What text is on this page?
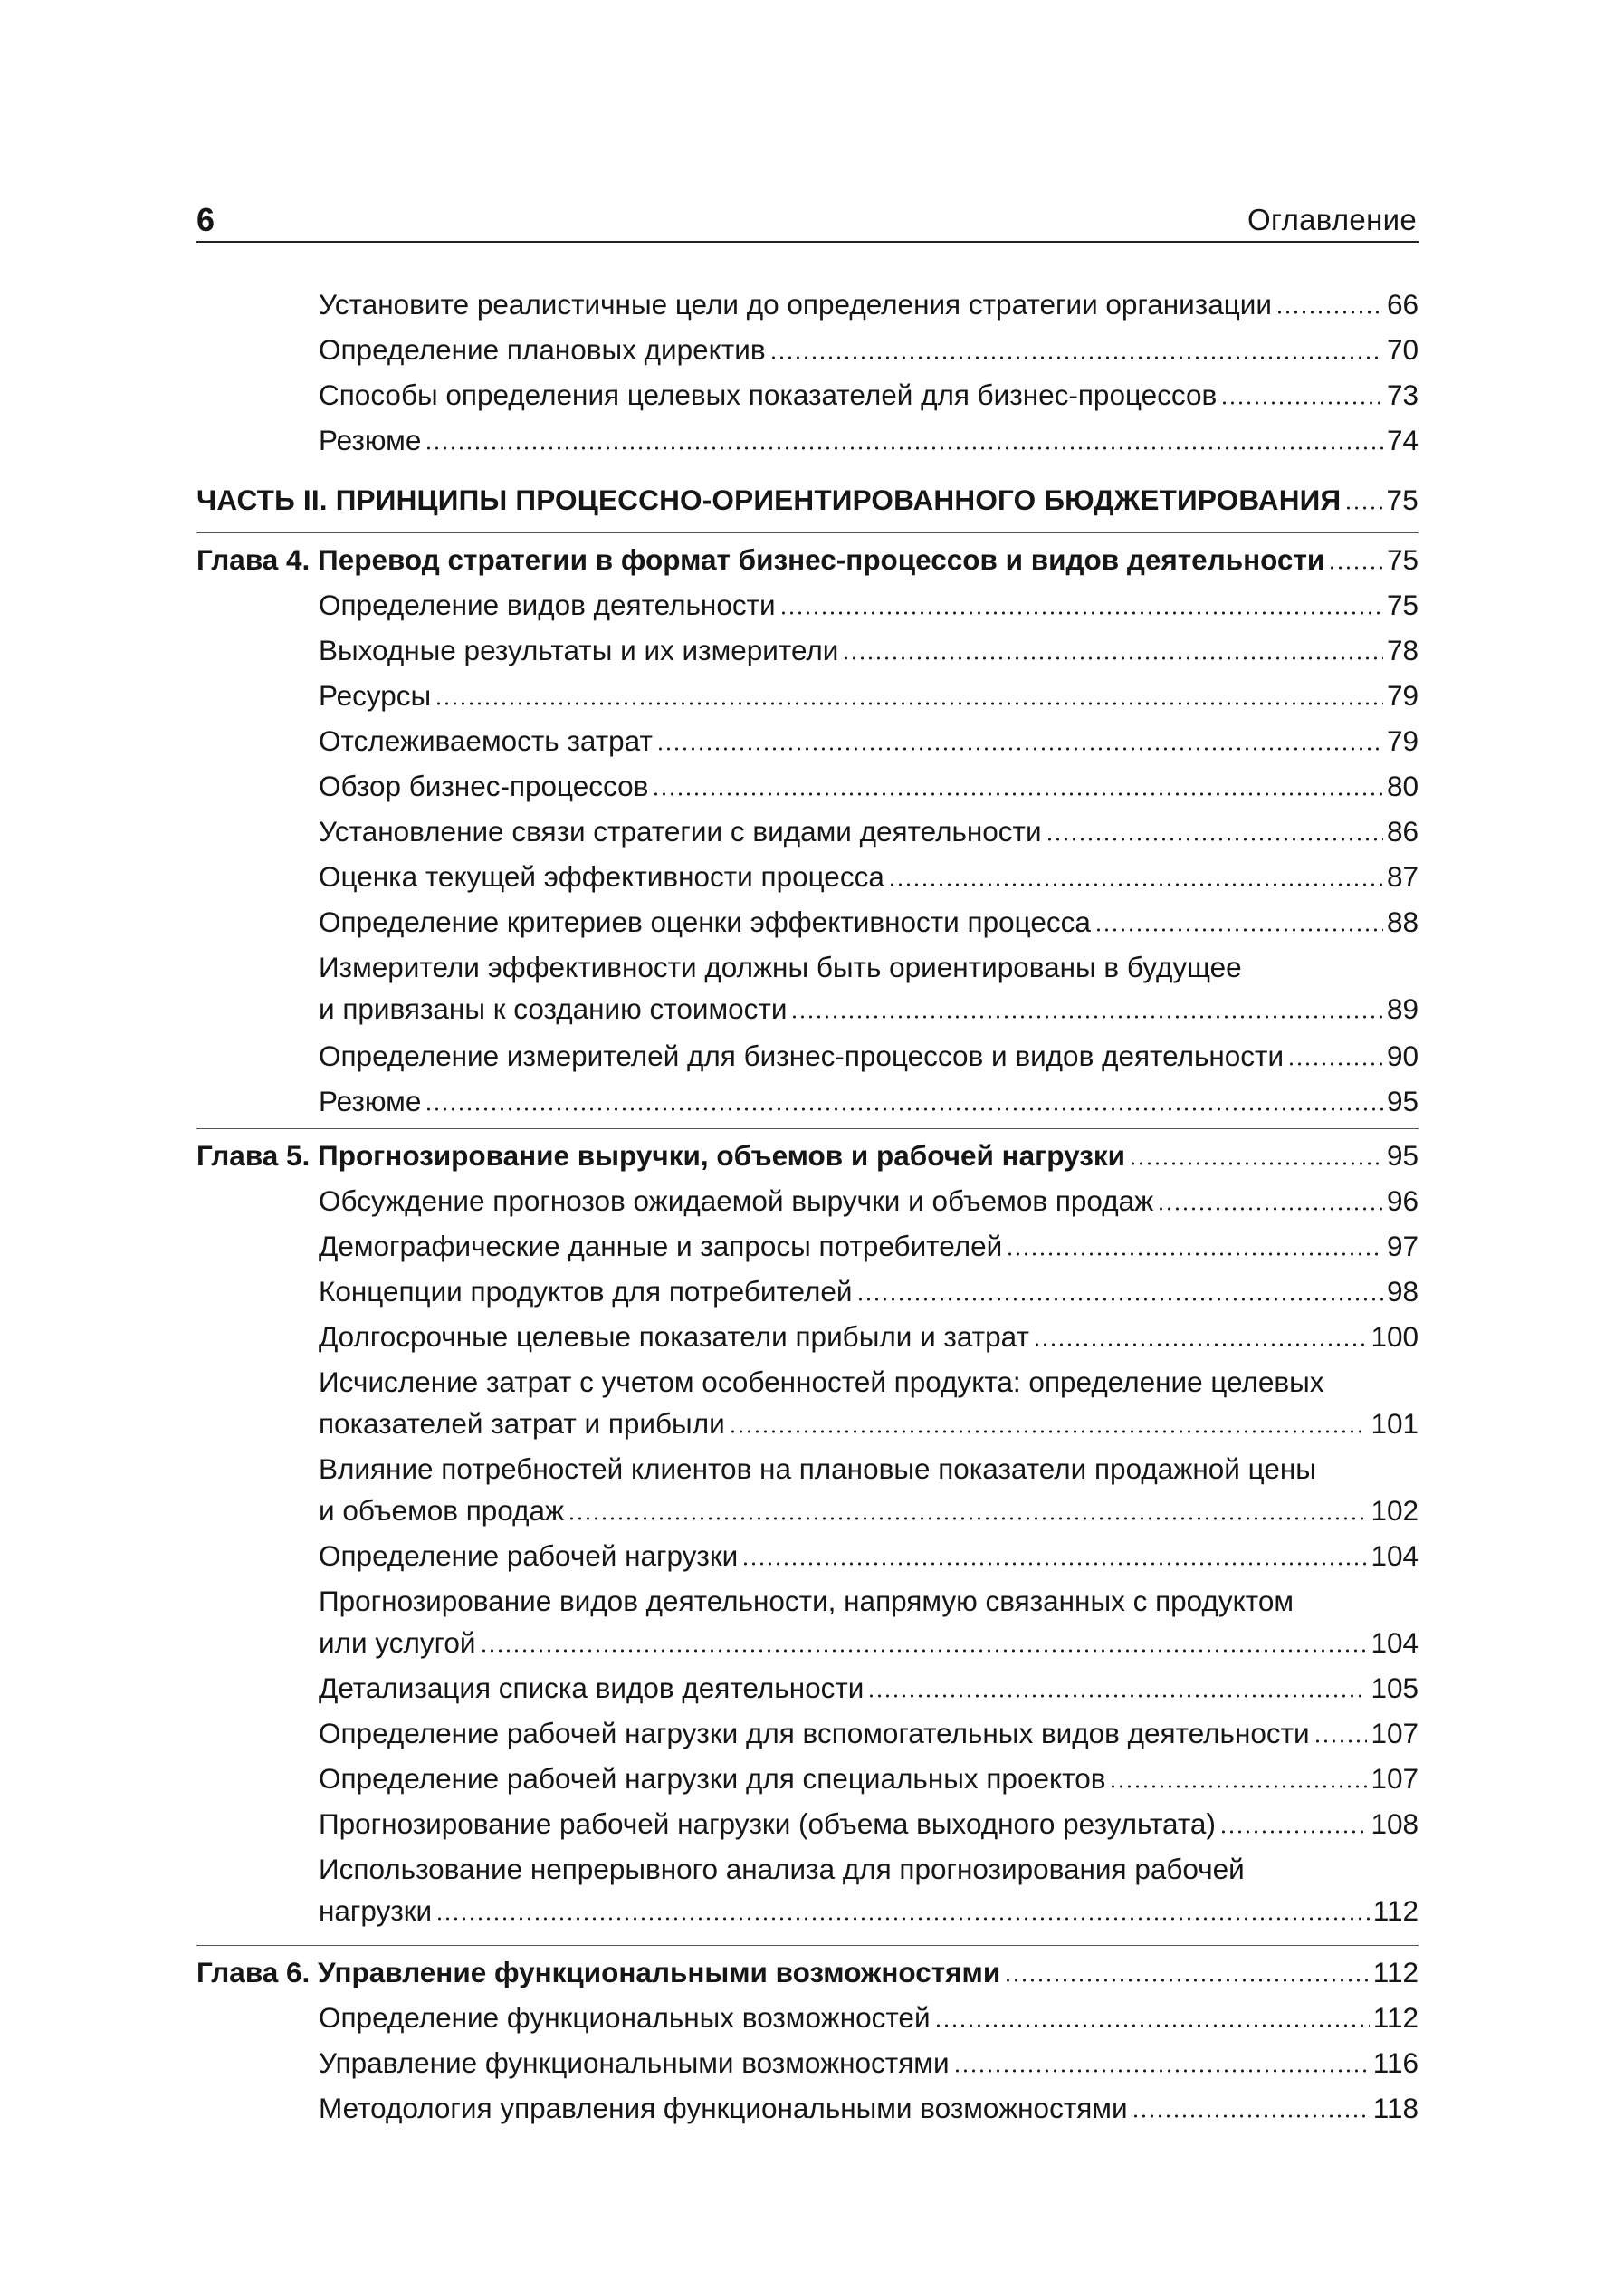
6	Оглавление
Установите реалистичные цели до определения стратегии организации	66
Определение плановых директив	70
Способы определения целевых показателей для бизнес-процессов	73
Резюме	74
ЧАСТЬ II. ПРИНЦИПЫ ПРОЦЕССНО-ОРИЕНТИРОВАННОГО БЮДЖЕТИРОВАНИЯ 75
Глава 4. Перевод стратегии в формат бизнес-процессов и видов деятельности 75
Определение видов деятельности	75
Выходные результаты и их измерители	78
Ресурсы	79
Отслеживаемость затрат	79
Обзор бизнес-процессов	80
Установление связи стратегии с видами деятельности	86
Оценка текущей эффективности процесса	87
Определение критериев оценки эффективности процесса	88
Измерители эффективности должны быть ориентированы в будущее
и привязаны к созданию стоимости	89
Определение измерителей для бизнес-процессов и видов деятельности	90
Резюме	95
Глава 5. Прогнозирование выручки, объемов и рабочей нагрузки	95
Обсуждение прогнозов ожидаемой выручки и объемов продаж	96
Демографические данные и запросы потребителей	97
Концепции продуктов для потребителей	98
Долгосрочные целевые показатели прибыли и затрат	100
Исчисление затрат с учетом особенностей продукта: определение целевых
показателей затрат и прибыли	101
Влияние потребностей клиентов на плановые показатели продажной цены
и объемов продаж	102
Определение рабочей нагрузки	104
Прогнозирование видов деятельности, напрямую связанных с продуктом
или услугой	104
Детализация списка видов деятельности	105
Определение рабочей нагрузки для вспомогательных видов деятельности 107
Определение рабочей нагрузки для специальных проектов	107
Прогнозирование рабочей нагрузки (объема выходного результата)	108
Использование непрерывного анализа для прогнозирования рабочей
нагрузки	112
Глава 6. Управление функциональными возможностями	112
Определение функциональных возможностей	112
Управление функциональными возможностями	116
Методология управления функциональными возможностями	118
